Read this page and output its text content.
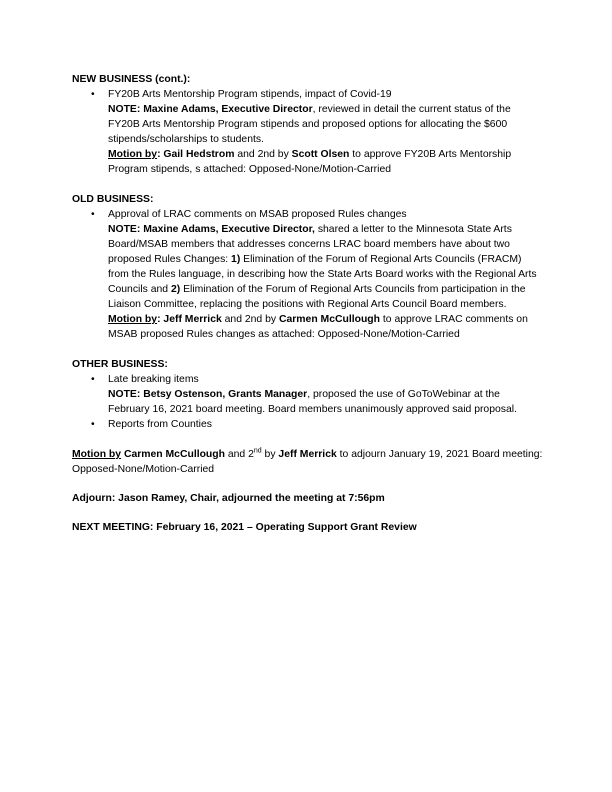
NEW BUSINESS (cont.):

• FY20B Arts Mentorship Program stipends, impact of Covid-19

NOTE: Maxine Adams, Executive Director, reviewed in detail the current status of the FY20B Arts Mentorship Program stipends and proposed options for allocating the $600 stipends/scholarships to students.

Motion by: Gail Hedstrom and 2nd by Scott Olsen to approve FY20B Arts Mentorship Program stipends, s attached: Opposed-None/Motion-Carried

OLD BUSINESS:

• Approval of LRAC comments on MSAB proposed Rules changes

NOTE: Maxine Adams, Executive Director, shared a letter to the Minnesota State Arts Board/MSAB members that addresses concerns LRAC board members have about two proposed Rules Changes: 1) Elimination of the Forum of Regional Arts Councils (FRACM) from the Rules language, in describing how the State Arts Board works with the Regional Arts Councils and 2) Elimination of the Forum of Regional Arts Councils from participation in the Liaison Committee, replacing the positions with Regional Arts Council Board members.

Motion by: Jeff Merrick and 2nd by Carmen McCullough to approve LRAC comments on MSAB proposed Rules changes as attached: Opposed-None/Motion-Carried

OTHER BUSINESS:

• Late breaking items

NOTE: Betsy Ostenson, Grants Manager, proposed the use of GoToWebinar at the February 16, 2021 board meeting. Board members unanimously approved said proposal.

• Reports from Counties

Motion by Carmen McCullough and 2nd by Jeff Merrick to adjourn January 19, 2021 Board meeting: Opposed-None/Motion-Carried

Adjourn: Jason Ramey, Chair, adjourned the meeting at 7:56pm

NEXT MEETING: February 16, 2021 – Operating Support Grant Review
